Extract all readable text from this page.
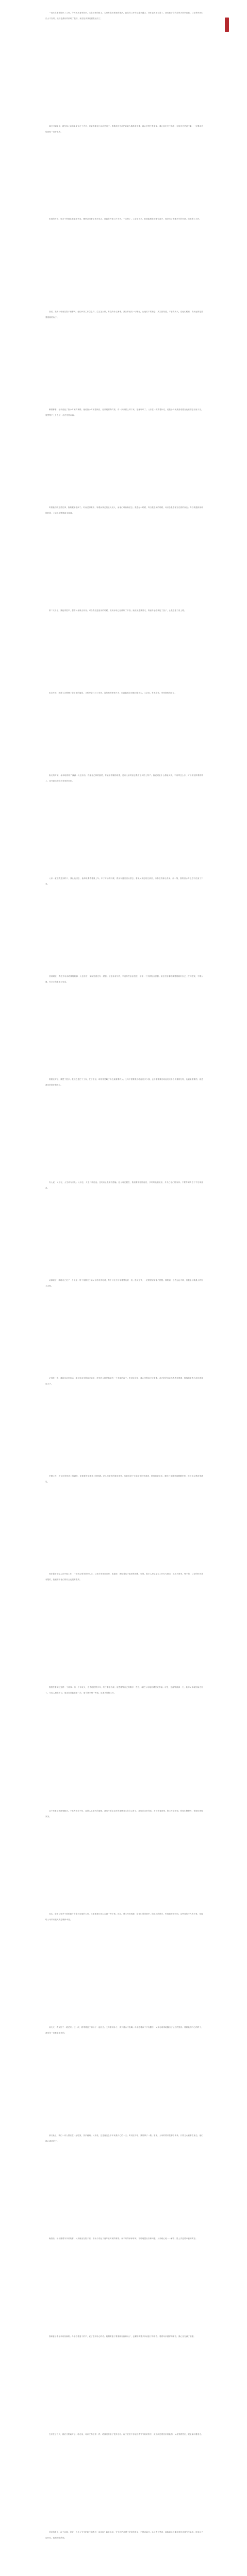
一周末在老家陪伴了父母，今天我从老家回来，走在回家的路上，心里有很多感受和想法。我觉得父母年纪越来越大，身体也不如以前了，我们做子女的应该多回家看看。父母养育我们长大不容易，他们把最好的都给了我们，现在轮到我们回报他们了。

那天回到家里，我发现父亲的头发又白了许多，母亲的腰也比以前更弯了。看着他们忙前忙后地为我准备饭菜，我心里很不是滋味。我让他们坐下休息，可他们总是说不累，一定要亲手给我做一桌好吃的。

吃饭的时候，母亲不停地往我碗里夹菜，嘴里念叨着让我多吃点，说我在外面工作辛苦，一定瘦了。父亲话不多，但我能感觉到他很高兴，他拿出了珍藏多年的好酒，陪我喝了几杯。

饭后，我和父母坐在院子里聊天。他们问我工作怎么样，生活怎么样，有没有什么困难。我告诉他们一切都好，让他们不要担心。其实我知道，不管我多大，在他们眼里，我永远都是需要照顾的孩子。

聊着聊着，母亲说起了我小时候的事情。她说我小时候很调皮，经常爬树掏鸟窝，有一次从树上摔下来，把她吓坏了。父亲在一旁笑着补充，说我小时候最喜欢跟在他后面去田里干活，虽然帮不上什么忙，但总是很认真。

听着他们讲这些往事，我的眼睛湿润了。时间过得真快，转眼间我已经长大成人，而他们却渐渐老去。我想起小时候，每当我生病的时候，母亲总是整夜守在我的床边；每当我遇到困难的时候，父亲总是默默地支持我。

第二天早上，我起得很早，想帮父母做点家务。可当我走进厨房的时候，发现母亲已经做好了早饭。她说知道我要走，特意早起给我包了饺子，让我吃饱了再上路。

吃完早饭，我帮父亲修理了院子里的篱笆，又帮母亲打扫了房间。虽然做的事情不多，但我能感觉到他们很开心。父亲说，有我在家，家里就热闹多了。

临走的时候，母亲给我装了满满一大包东西，有她自己种的蔬菜，有她亲手腌的咸菜，还有父亲特意去集市上买的土特产。我说城里什么都能买到，不用带这么多，可母亲坚持要我带上，说外面买的没有家里的好吃。

父亲一直把我送到村口，我让他回去，他却说要看着我上车。车子开动的时候，我从车窗里回头望去，看见父亲还站在那里，身影显得那么孤单。那一刻，我的泪水再也忍不住流了下来。

回到城里，我打开母亲给我装的那一大包东西，发现里面还有一封信。信是母亲写的，字迹有些歪歪扭扭，但每一个字都饱含深情。她在信里嘱咐我要照顾好自己，按时吃饭，不要太累，有空多给家里打电话。

看着这封信，我想了很多。我们总是忙于工作，忙于生活，却常常忽略了身边最重要的人。父母不需要我们给他们多少钱，也不需要我们给他们买多么贵重的礼物，他们最需要的，就是我们的陪伴和关心。

有人说，父母在，人生尚有来处；父母去，人生只剩归途。这句话让我深有感触。趁父母还健在，我们要多陪陪他们，多听听他们说话，多关心他们的身体。不要等到失去了才后悔莫及。

从那以后，我给自己定了一个规矩：每个星期至少给父母打两次电话，每个月至少回家看望他们一次。逢年过节，一定要回家陪他们团聚。我知道，这些远远不够，但我会尽我最大的努力去做。

记得有一次，我给母亲打电话，她在电话里很高兴地说，村里的人都羡慕她有一个孝顺的孩子。听到这句话，我心里既高兴又惭愧。高兴的是母亲为我感到骄傲，惭愧的是我为他们做得还太少。

孝顺父母，不仅仅是物质上的满足，更重要的是精神上的慰藉。老人们最怕的就是孤独，他们希望子女能够常回家看看，陪他们说说话，哪怕只是简单地聊聊家常，他们也会感到很满足。

现在很多年轻人在外地工作，一年到头难得回家几次。父母在家里日日盼，夜夜盼，就盼着孩子能回家团聚。可是，很多人却总是以工作忙为借口，迟迟不回家。殊不知，父母的时间是有限的，我们陪伴他们的机会也是有限的。

我曾经看到过这样一个故事：有一个年轻人，在外地打拼多年，终于事业有成。他想着等自己再赚多一些钱，就把父母接到城里来享福。可是，还没等到那一天，他的父亲就因病去世了。年轻人悔恨不已，他说如果能重来一次，他宁愿少赚一些钱，也要多陪陪父母。

这个故事让我深受触动。子欲养而亲不待，这是人生最大的遗憾。我们不要让这样的遗憾发生在自己身上。趁现在还来得及，多回家看看吧，陪父母吃顿饭，和他们聊聊天，帮他们做做家务。

其实，陪伴父母并不需要做什么惊天动地的大事，只需要我们用心去做一些小事。比如，帮父母洗洗脚，给他们剪剪指甲，陪他们散散步，听他们唠唠叨叨。这些看似平凡的小事，却能给父母带来莫大的温暖和幸福。

前几天，我又回了一趟老家。这一次，我带着妻子和孩子一起回去。父母看到孙子，高兴得合不拢嘴。母亲抱着孙子不肯撒手，父亲也难得地露出了灿烂的笑容。看着他们开心的样子，我觉得一切都是值得的。

那天晚上，我们一家人围坐在一起吃饭，其乐融融。父亲说，这是他这么多年来最开心的一天。听到这句话，我的鼻子一酸。原来，父母的要求是那么简单，只要儿女们都在身边，他们就心满意足了。

晚饭后，孩子缠着爷爷讲故事。父亲就坐在院子里，给孩子讲起了他年轻时候的事情。孩子听得津津有味，不时地提出各种问题。父亲耐心地一一解答，脸上洋溢着幸福的笑容。

我和妻子帮母亲收拾碗筷。母亲拉着妻子的手，说了很多贴心的话。她嘱咐妻子要照顾好我和孩子，也嘱咐我要多体谅妻子的辛苦。看着母亲慈祥的面容，我心里充满了感激。

在家住了几天，我们又要离开了。临走前，母亲又像往常一样，给我们准备了很多东西。孩子依依不舍地拉着爷爷奶奶的手，说下次还要回来看他们。父母笑着答应，眼里却闪着泪光。

回来的路上，孩子问我：爸爸，为什么爷爷奶奶不和我们一起住呢？我告诉他，爷爷奶奶习惯了老家的生活，不愿意离开。孩子想了想说：那我们以后要经常回来看爷爷奶奶。听到孩子这样说，我感到很欣慰。
